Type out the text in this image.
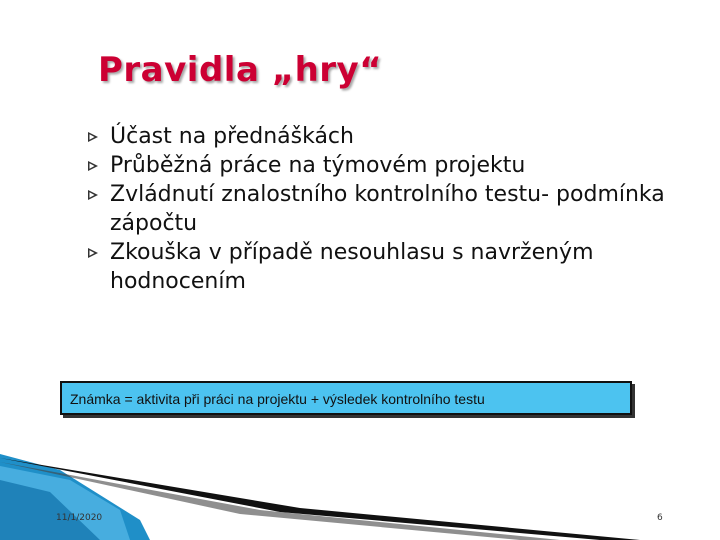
Pravidla „hry“
Účast na přednáškách
Průběžná práce na týmovém projektu
Zvládnutí znalostního kontrolního testu- podmínka zápočtu
Zkouška v případě nesouhlasu s navrženým hodnocením
Známka = aktivita při práci na projektu + výsledek kontrolního testu
11/1/2020	6
